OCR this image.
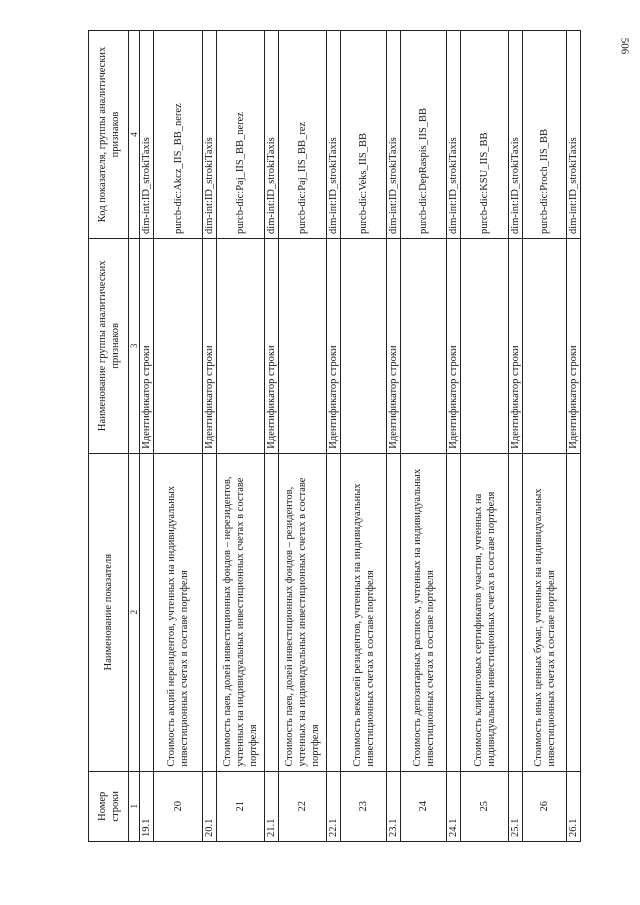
506
Номер строки	Наименование показателя	Наименование группы аналитических признаков	Код показателя, группы аналитических признаков
1	2	3	4
19.1		Идентификатор строки	dim-int:ID_strokiTaxis
20	Стоимость акций нерезидентов, учтенных на индивидуальных инвестиционных счетах в составе портфеля		purcb-dic:Akcz_IIS_BB_nerez
20.1		Идентификатор строки	dim-int:ID_strokiTaxis
21	Стоимость паев, долей инвестиционных фондов – нерезидентов, учтенных на индивидуальных инвестиционных счетах в составе портфеля		purcb-dic:Paj_IIS_BB_nerez
21.1		Идентификатор строки	dim-int:ID_strokiTaxis
22	Стоимость паев, долей инвестиционных фондов – резидентов, учтенных на индивидуальных инвестиционных счетах в составе портфеля		purcb-dic:Paj_IIS_BB_rez
22.1		Идентификатор строки	dim-int:ID_strokiTaxis
23	Стоимость векселей резидентов, учтенных на индивидуальных инвестиционных счетах в составе портфеля		purcb-dic:Veks_IIS_BB
23.1		Идентификатор строки	dim-int:ID_strokiTaxis
24	Стоимость депозитарных расписок, учтенных на индивидуальных инвестиционных счетах в составе портфеля		purcb-dic:DepRaspis_IIS_BB
24.1		Идентификатор строки	dim-int:ID_strokiTaxis
25	Стоимость клиринговых сертификатов участия, учтенных на индивидуальных инвестиционных счетах в составе портфеля		purcb-dic:KSU_IIS_BB
25.1		Идентификатор строки	dim-int:ID_strokiTaxis
26	Стоимость иных ценных бумаг, учтенных на индивидуальных инвестиционных счетах в составе портфеля		purcb-dic:Proch_IIS_BB
26.1		Идентификатор строки	dim-int:ID_strokiTaxis
